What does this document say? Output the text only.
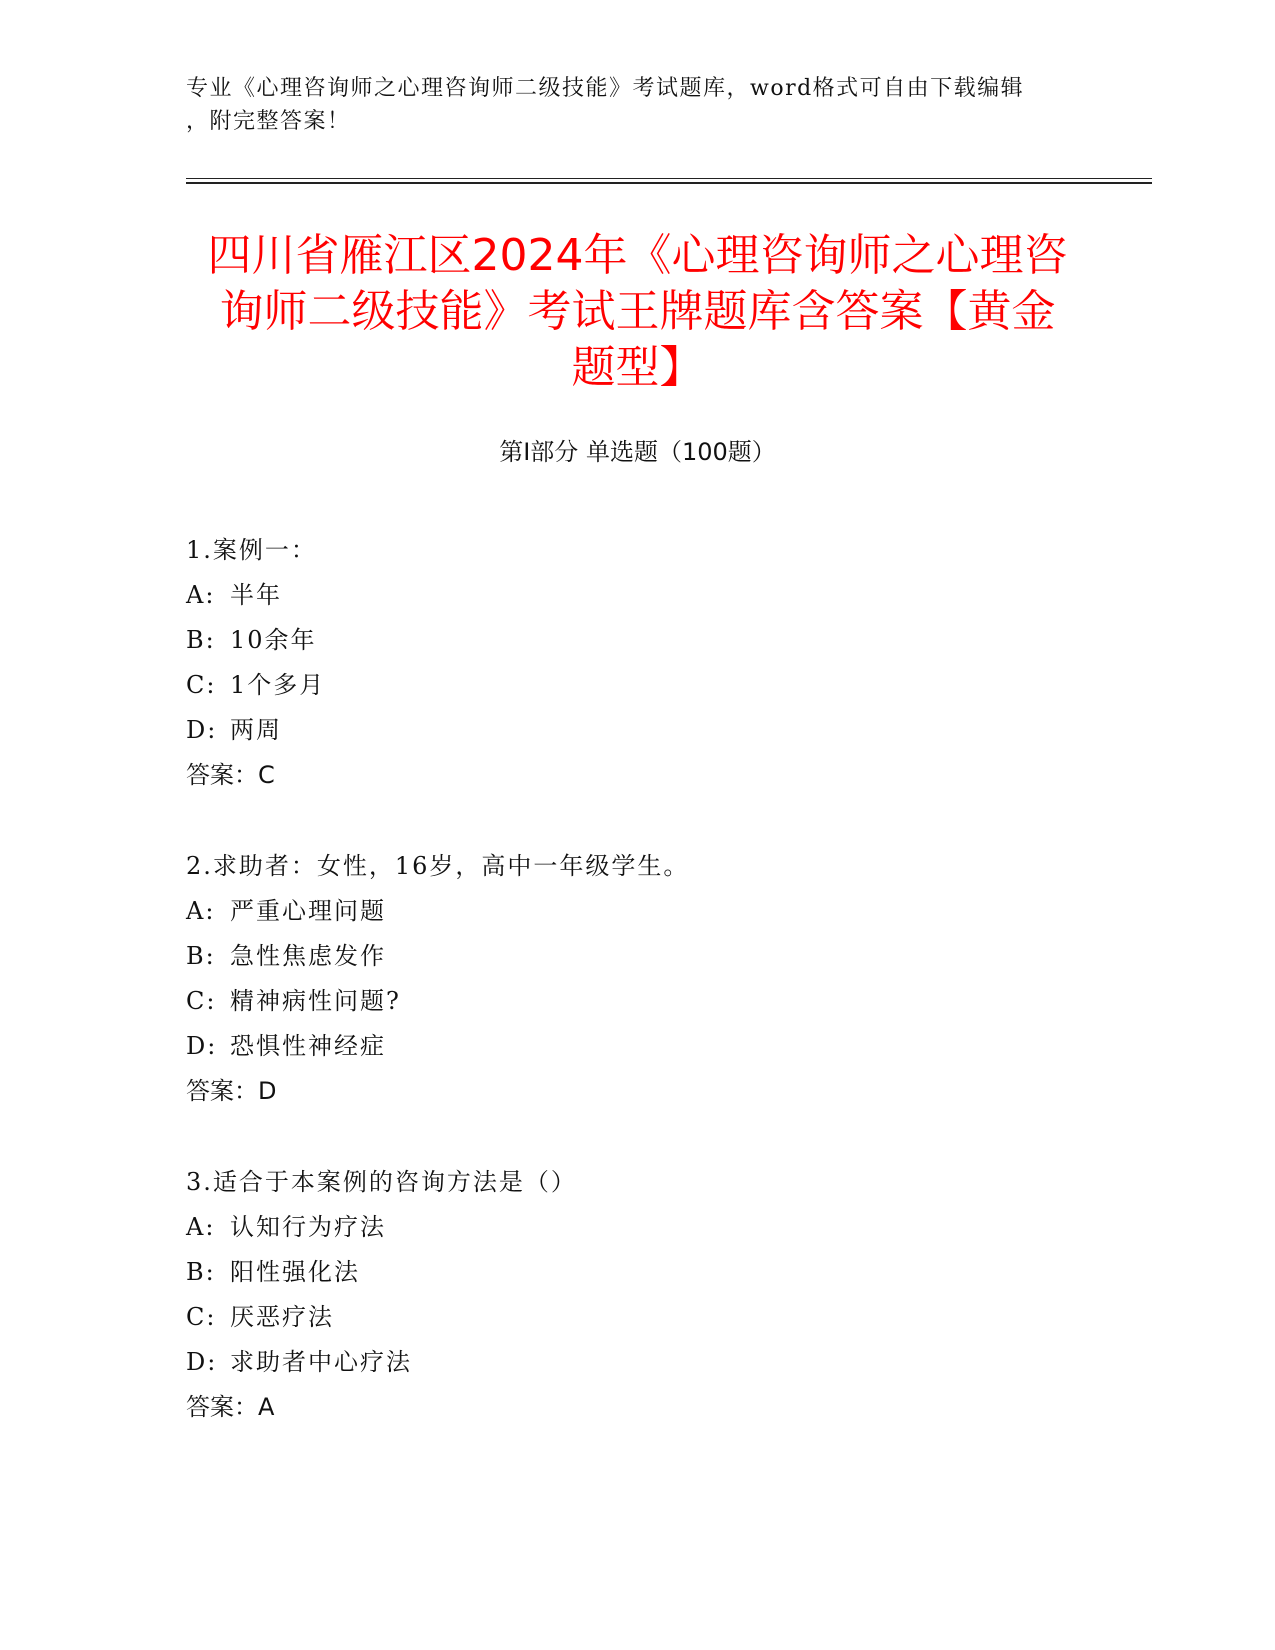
专业《心理咨询师之心理咨询师二级技能》考试题库，word格式可自由下载编辑
，附完整答案！
四川省雁江区2024年《心理咨询师之心理咨
询师二级技能》考试王牌题库含答案【黄金
题型】
第Ⅰ部分 单选题（100题）
1.案例一：
A: 半年
B: 10余年
C: 1个多月
D: 两周
答案：C
2.求助者：女性，16岁，高中一年级学生。
A: 严重心理问题
B: 急性焦虑发作
C: 精神病性问题?
D: 恐惧性神经症
答案：D
3.适合于本案例的咨询方法是（）
A: 认知行为疗法
B: 阳性强化法
C: 厌恶疗法
D: 求助者中心疗法
答案：A
